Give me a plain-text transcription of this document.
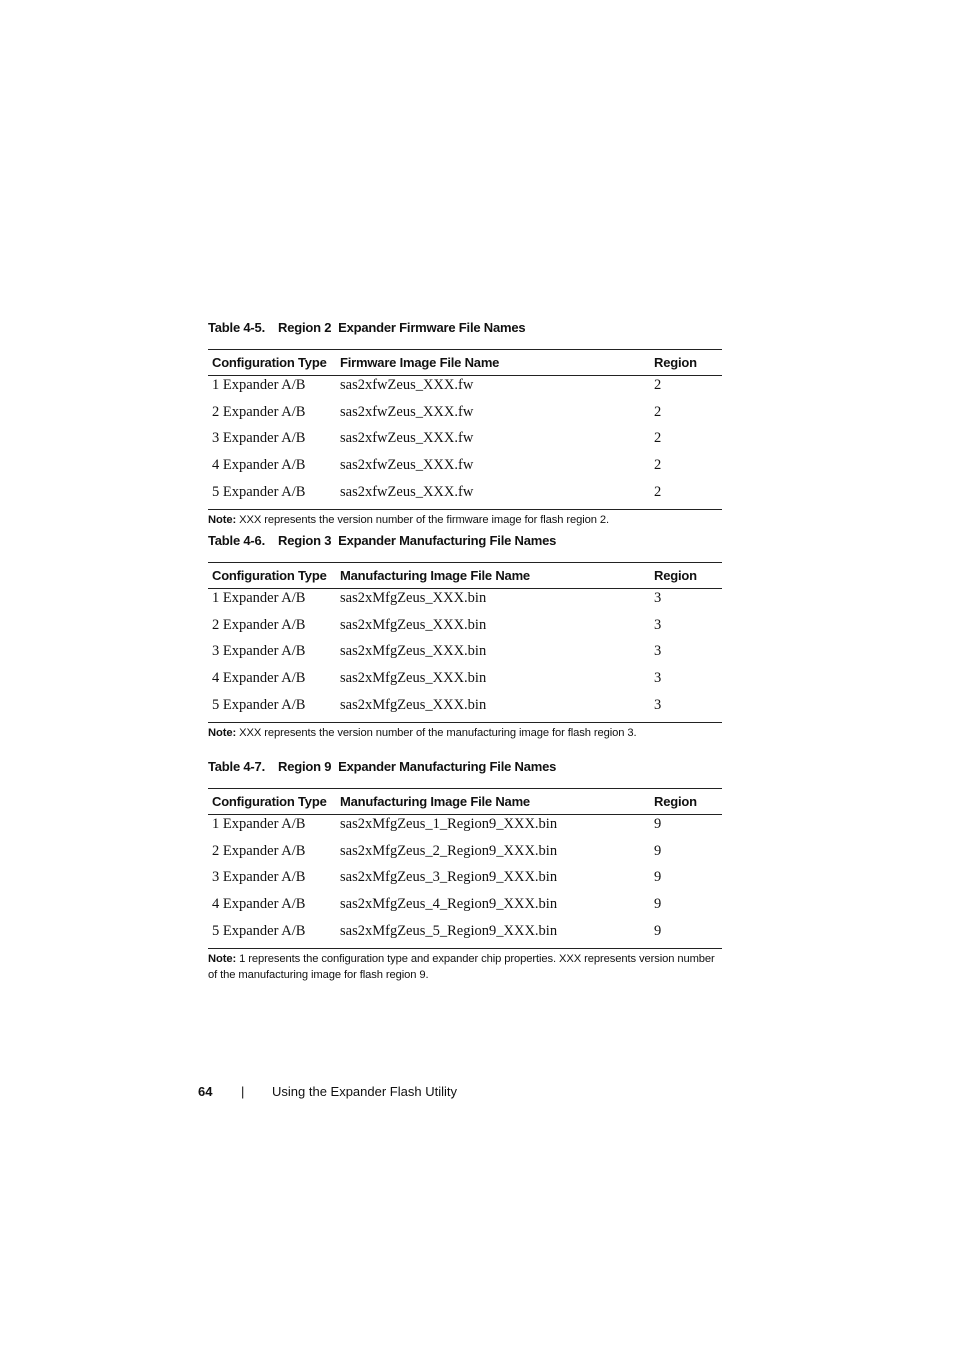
Table 4-5. Region 2  Expander Firmware File Names
Configuration Type	Firmware Image File Name	Region
1 Expander A/B	sas2xfwZeus_XXX.fw	2
2 Expander A/B	sas2xfwZeus_XXX.fw	2
3 Expander A/B	sas2xfwZeus_XXX.fw	2
4 Expander A/B	sas2xfwZeus_XXX.fw	2
5 Expander A/B	sas2xfwZeus_XXX.fw	2
Note: XXX represents the version number of the firmware image for flash region 2.
Table 4-6. Region 3  Expander Manufacturing File Names
Configuration Type	Manufacturing Image File Name	Region
1 Expander A/B	sas2xMfgZeus_XXX.bin	3
2 Expander A/B	sas2xMfgZeus_XXX.bin	3
3 Expander A/B	sas2xMfgZeus_XXX.bin	3
4 Expander A/B	sas2xMfgZeus_XXX.bin	3
5 Expander A/B	sas2xMfgZeus_XXX.bin	3
Note: XXX represents the version number of the manufacturing image for flash region 3.
Table 4-7. Region 9  Expander Manufacturing File Names
Configuration Type	Manufacturing Image File Name	Region
1 Expander A/B	sas2xMfgZeus_1_Region9_XXX.bin	9
2 Expander A/B	sas2xMfgZeus_2_Region9_XXX.bin	9
3 Expander A/B	sas2xMfgZeus_3_Region9_XXX.bin	9
4 Expander A/B	sas2xMfgZeus_4_Region9_XXX.bin	9
5 Expander A/B	sas2xMfgZeus_5_Region9_XXX.bin	9
Note: 1 represents the configuration type and expander chip properties. XXX represents version number of the manufacturing image for flash region 9.
64 | Using the Expander Flash Utility
